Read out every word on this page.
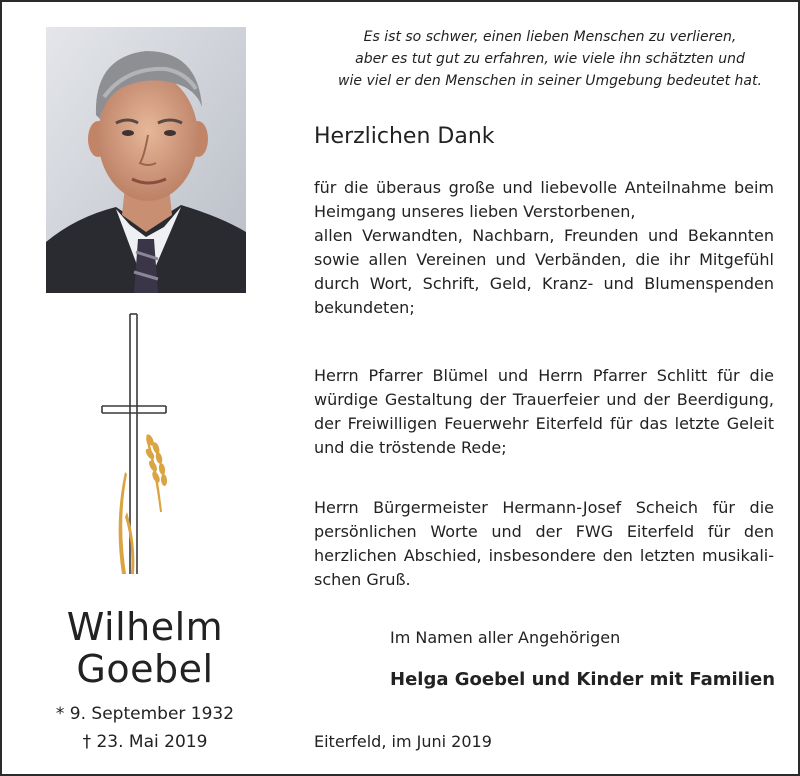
Wilhelm
Goebel
* 9. September 1932
† 23. Mai 2019
Es ist so schwer, einen lieben Menschen zu verlieren,
aber es tut gut zu erfahren, wie viele ihn schätzten und
wie viel er den Menschen in seiner Umgebung bedeutet hat.
Herzlichen Dank
für die überaus große und liebevolle Anteilnahme beim
Heimgang unseres lieben Verstorbenen,
allen Verwandten, Nachbarn, Freunden und Bekannten
sowie allen Vereinen und Verbänden, die ihr Mitgefühl
durch Wort, Schrift, Geld, Kranz- und Blumenspenden
bekundeten;
Herrn Pfarrer Blümel und Herrn Pfarrer Schlitt für die
würdige Gestaltung der Trauerfeier und der Beerdigung,
der Freiwilligen Feuerwehr Eiterfeld für das letzte Geleit
und die tröstende Rede;
Herrn Bürgermeister Hermann-Josef Scheich für die
persönlichen Worte und der FWG Eiterfeld für den
herzlichen Abschied, insbesondere den letzten musikali-
schen Gruß.
Im Namen aller Angehörigen
Helga Goebel und Kinder mit Familien
Eiterfeld, im Juni 2019
